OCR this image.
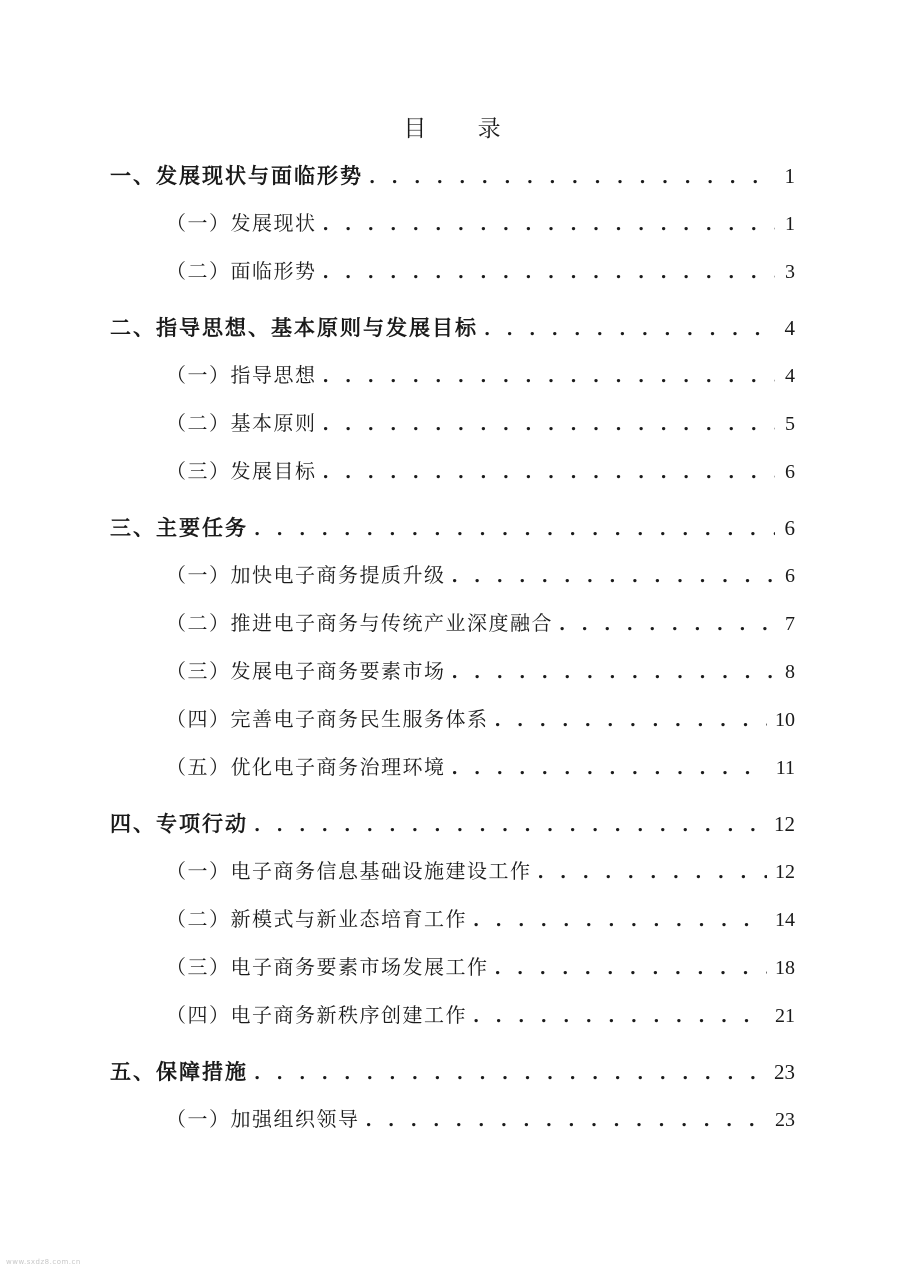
目 录
一、发展现状与面临形势 . . .	1
（一）发展现状 . . .	1
（二）面临形势 . . .	3
二、指导思想、基本原则与发展目标 . . .	4
（一）指导思想 . . .	4
（二）基本原则 . . .	5
（三）发展目标 . . .	6
三、主要任务 . . .	6
（一）加快电子商务提质升级 . . .	6
（二）推进电子商务与传统产业深度融合 . . .	7
（三）发展电子商务要素市场 . . .	8
（四）完善电子商务民生服务体系 . . .	10
（五）优化电子商务治理环境 . . .	11
四、专项行动 . . .	12
（一）电子商务信息基础设施建设工作 . . .	12
（二）新模式与新业态培育工作 . . .	14
（三）电子商务要素市场发展工作 . . .	18
（四）电子商务新秩序创建工作 . . .	21
五、保障措施 . . .	23
（一）加强组织领导 . . .	23
www.sxdz8.com.cn
